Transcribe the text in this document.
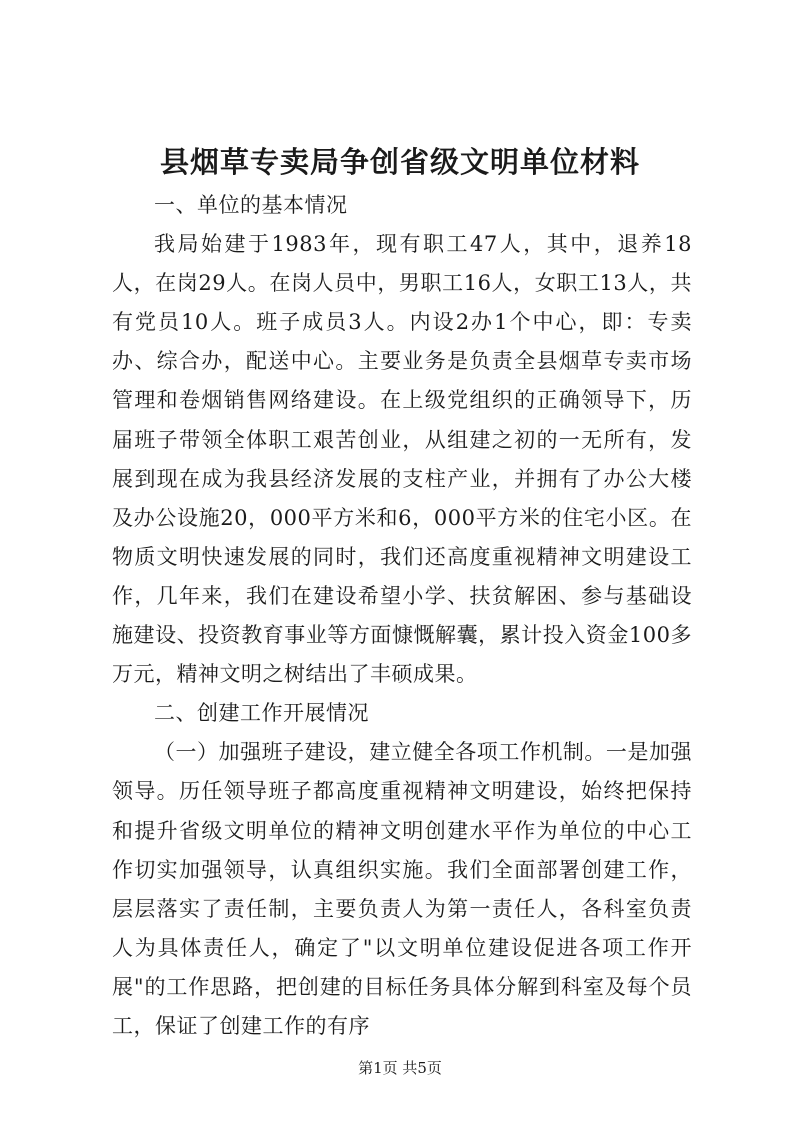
县烟草专卖局争创省级文明单位材料

一、单位的基本情况

我局始建于1983年，现有职工47人，其中，退养18人，在岗29人。在岗人员中，男职工16人，女职工13人，共有党员10人。班子成员3人。内设2办1个中心，即：专卖办、综合办，配送中心。主要业务是负责全县烟草专卖市场管理和卷烟销售网络建设。在上级党组织的正确领导下，历届班子带领全体职工艰苦创业，从组建之初的一无所有，发展到现在成为我县经济发展的支柱产业，并拥有了办公大楼及办公设施20，000平方米和6，000平方米的住宅小区。在物质文明快速发展的同时，我们还高度重视精神文明建设工作，几年来，我们在建设希望小学、扶贫解困、参与基础设施建设、投资教育事业等方面慷慨解囊，累计投入资金100多万元，精神文明之树结出了丰硕成果。

二、创建工作开展情况

（一）加强班子建设，建立健全各项工作机制。一是加强领导。历任领导班子都高度重视精神文明建设，始终把保持和提升省级文明单位的精神文明创建水平作为单位的中心工作切实加强领导，认真组织实施。我们全面部署创建工作，层层落实了责任制，主要负责人为第一责任人，各科室负责人为具体责任人，确定了"以文明单位建设促进各项工作开展"的工作思路，把创建的目标任务具体分解到科室及每个员工，保证了创建工作的有序

第1页 共5页
